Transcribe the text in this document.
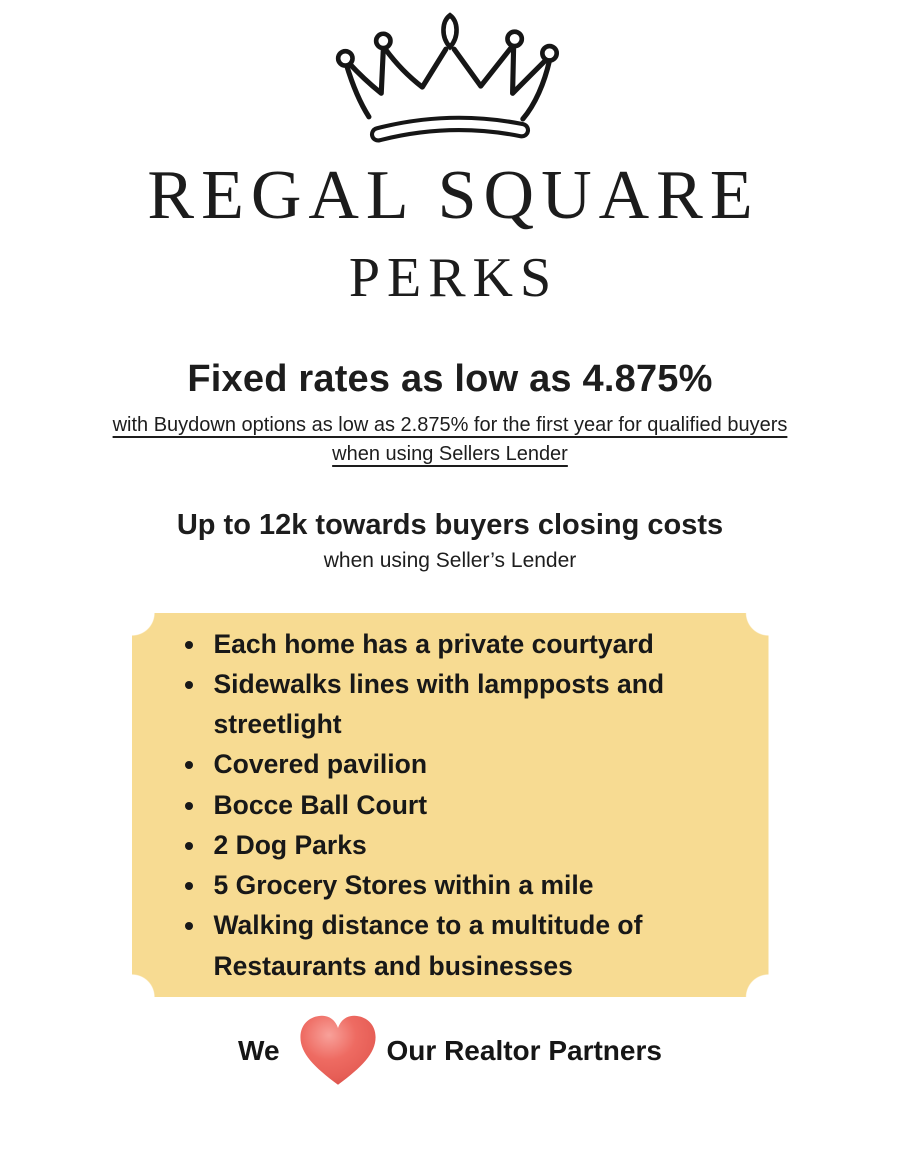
REGAL SQUARE
PERKS
Fixed rates as low as 4.875%
with Buydown options as low as 2.875% for the first year for qualified buyers
when using Sellers Lender
Up to 12k towards buyers closing costs
when using Seller’s Lender
• Each home has a private courtyard
• Sidewalks lines with lampposts and streetlight
• Covered pavilion
• Bocce Ball Court
• 2 Dog Parks
• 5 Grocery Stores within a mile
• Walking distance to a multitude of Restaurants and businesses
We	Our Realtor Partners
